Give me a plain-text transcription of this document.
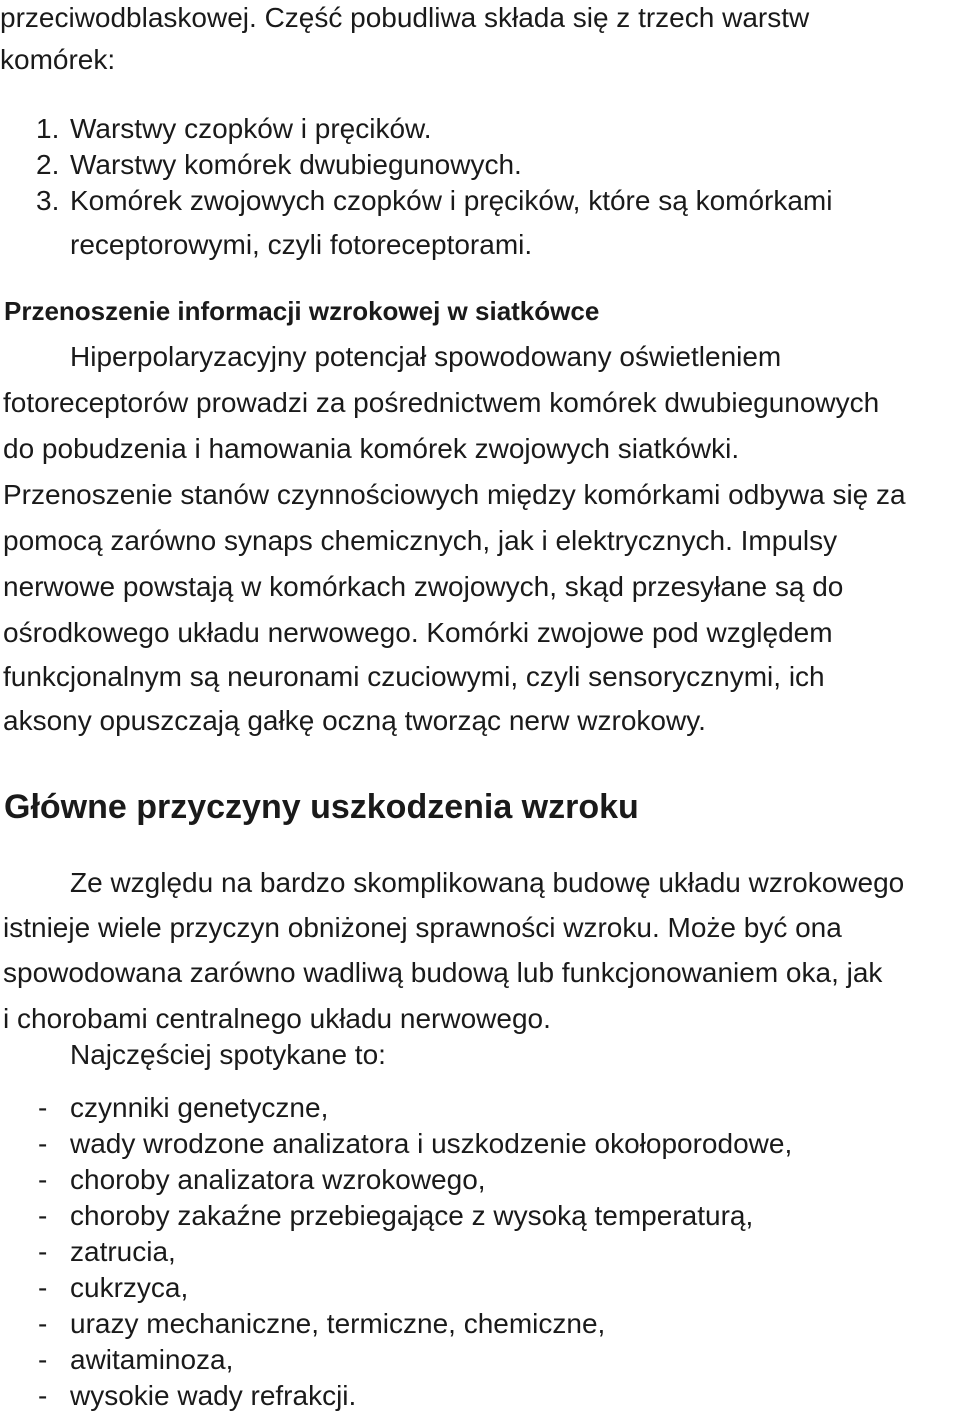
przeciwodblaskowej. Część pobudliwa składa się z trzech warstw
komórek:
1. Warstwy czopków i pręcików.
2. Warstwy komórek dwubiegunowych.
3. Komórek zwojowych czopków i pręcików, które są komórkami
receptorowymi, czyli fotoreceptorami.
Przenoszenie informacji wzrokowej w siatkówce
Hiperpolaryzacyjny potencjał spowodowany oświetleniem
fotoreceptorów prowadzi za pośrednictwem komórek dwubiegunowych
do pobudzenia i hamowania komórek zwojowych siatkówki.
Przenoszenie stanów czynnościowych między komórkami odbywa się za
pomocą zarówno synaps chemicznych, jak i elektrycznych. Impulsy
nerwowe powstają w komórkach zwojowych, skąd przesyłane są do
ośrodkowego układu nerwowego. Komórki zwojowe pod względem
funkcjonalnym są neuronami czuciowymi, czyli sensorycznymi, ich
aksony opuszczają gałkę oczną tworząc nerw wzrokowy.
Główne przyczyny uszkodzenia wzroku
Ze względu na bardzo skomplikowaną budowę układu wzrokowego
istnieje wiele przyczyn obniżonej sprawności wzroku. Może być ona
spowodowana zarówno wadliwą budową lub funkcjonowaniem oka, jak
i chorobami centralnego układu nerwowego.
Najczęściej spotykane to:
- czynniki genetyczne,
- wady wrodzone analizatora i uszkodzenie okołoporodowe,
- choroby analizatora wzrokowego,
- choroby zakaźne przebiegające z wysoką temperaturą,
- zatrucia,
- cukrzyca,
- urazy mechaniczne, termiczne, chemiczne,
- awitaminoza,
- wysokie wady refrakcji.
